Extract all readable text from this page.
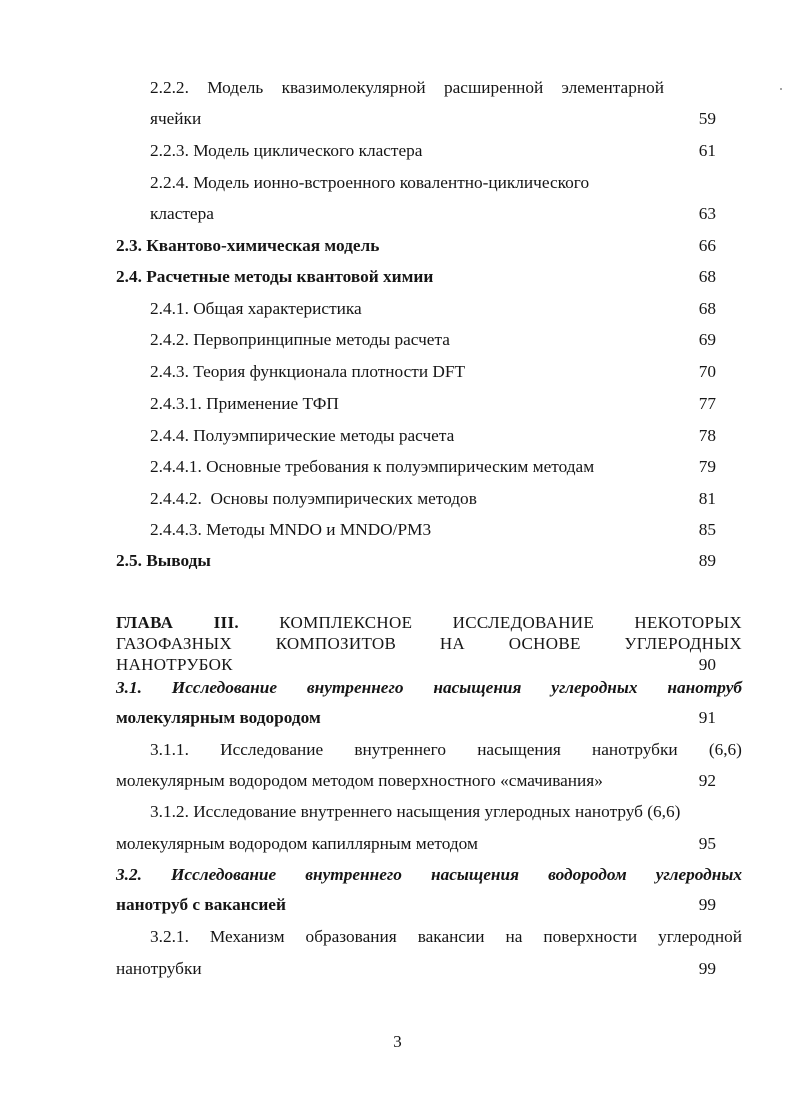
2.2.2. Модель квазимолекулярной расширенной элементарной
ячейки	59
2.2.3. Модель циклического кластера	61
2.2.4. Модель ионно-встроенного ковалентно-циклического
кластера	63
2.3. Квантово-химическая модель	66
2.4. Расчетные методы квантовой химии	68
2.4.1. Общая характеристика	68
2.4.2. Первопринципные методы расчета	69
2.4.3. Теория функционала плотности DFT	70
2.4.3.1. Применение ТФП	77
2.4.4. Полуэмпирические методы расчета	78
2.4.4.1. Основные требования к полуэмпирическим методам	79
2.4.4.2.  Основы полуэмпирических методов	81
2.4.4.3. Методы MNDO и MNDO/PM3	85
2.5. Выводы	89
ГЛАВА III. КОМПЛЕКСНОЕ ИССЛЕДОВАНИЕ НЕКОТОРЫХ
ГАЗОФАЗНЫХ	КОМПОЗИТОВ	НА	ОСНОВЕ	УГЛЕРОДНЫХ
НАНОТРУБОК	90
3.1. Исследование внутреннего насыщения углеродных нанотруб
молекулярным водородом	91
3.1.1. Исследование внутреннего насыщения нанотрубки (6,6)
молекулярным водородом методом поверхностного «смачивания»	92
3.1.2. Исследование внутреннего насыщения углеродных нанотруб (6,6)
молекулярным водородом капиллярным методом	95
3.2. Исследование внутреннего насыщения водородом углеродных
нанотруб с вакансией	99
3.2.1. Механизм образования вакансии на поверхности углеродной
нанотрубки	99
3
